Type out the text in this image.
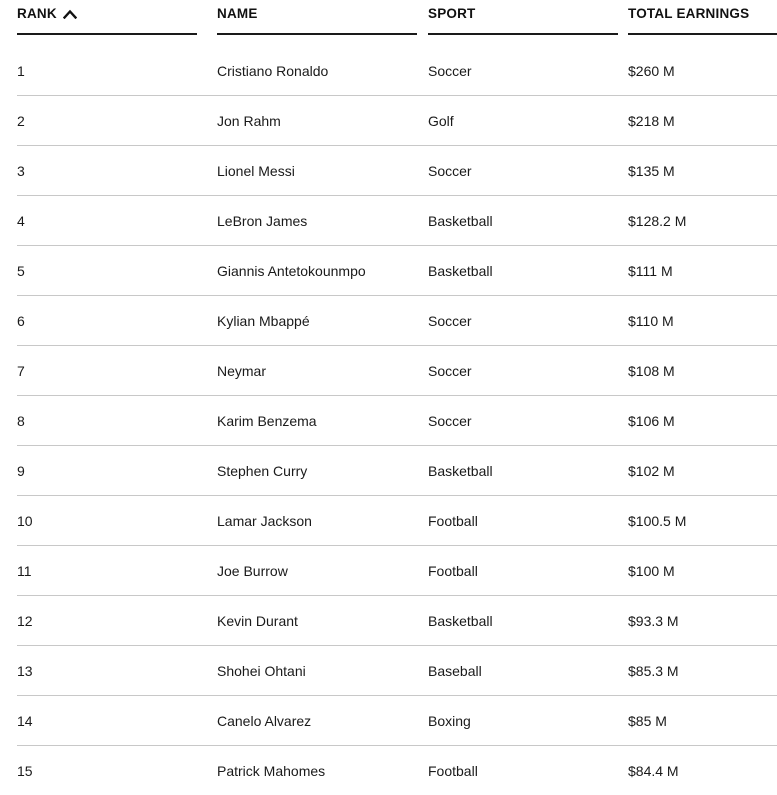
RANK	NAME	SPORT	TOTAL EARNINGS
1	Cristiano Ronaldo	Soccer	$260 M
2	Jon Rahm	Golf	$218 M
3	Lionel Messi	Soccer	$135 M
4	LeBron James	Basketball	$128.2 M
5	Giannis Antetokounmpo	Basketball	$111 M
6	Kylian Mbappé	Soccer	$110 M
7	Neymar	Soccer	$108 M
8	Karim Benzema	Soccer	$106 M
9	Stephen Curry	Basketball	$102 M
10	Lamar Jackson	Football	$100.5 M
11	Joe Burrow	Football	$100 M
12	Kevin Durant	Basketball	$93.3 M
13	Shohei Ohtani	Baseball	$85.3 M
14	Canelo Alvarez	Boxing	$85 M
15	Patrick Mahomes	Football	$84.4 M
